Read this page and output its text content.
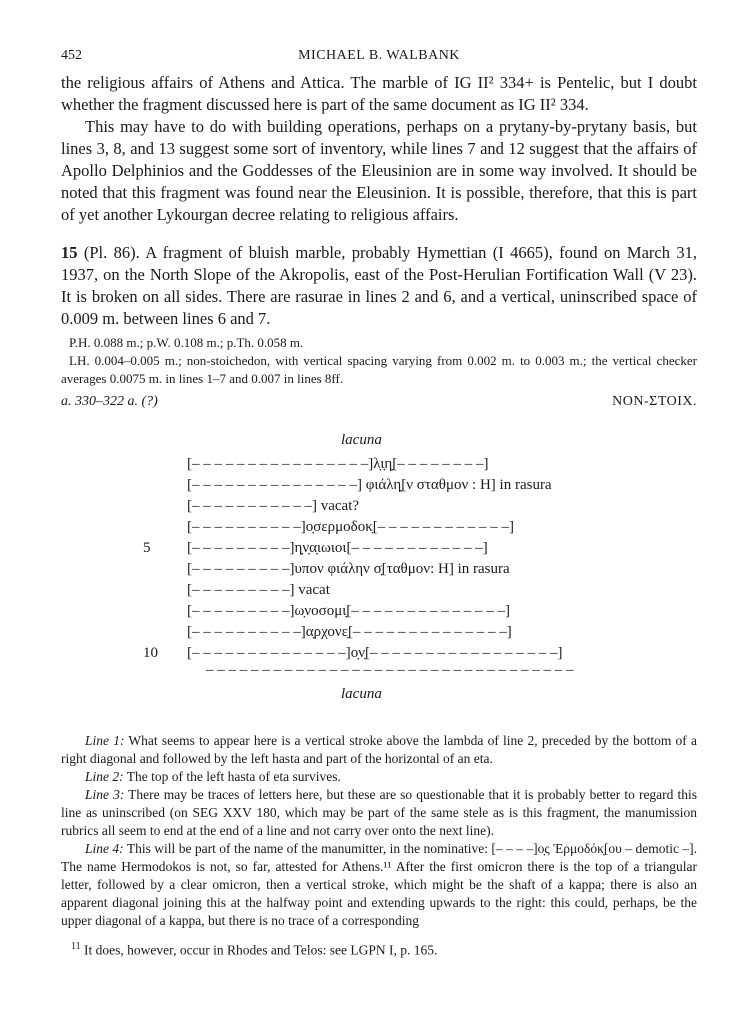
452	MICHAEL B. WALBANK

the religious affairs of Athens and Attica. The marble of IG II² 334+ is Pentelic, but I doubt whether the fragment discussed here is part of the same document as IG II² 334.

This may have to do with building operations, perhaps on a prytany-by-prytany basis, but lines 3, 8, and 13 suggest some sort of inventory, while lines 7 and 12 suggest that the affairs of Apollo Delphinios and the Goddesses of the Eleusinion are in some way involved. It should be noted that this fragment was found near the Eleusinion. It is possible, therefore, that this is part of yet another Lykourgan decree relating to religious affairs.

15 (Pl. 86). A fragment of bluish marble, probably Hymettian (I 4665), found on March 31, 1937, on the North Slope of the Akropolis, east of the Post-Herulian Fortification Wall (V 23). It is broken on all sides. There are rasurae in lines 2 and 6, and a vertical, uninscribed space of 0.009 m. between lines 6 and 7.

P.H. 0.088 m.; p.W. 0.108 m.; p.Th. 0.058 m.

LH. 0.004–0.005 m.; non-stoichedon, with vertical spacing varying from 0.002 m. to 0.003 m.; the vertical checker averages 0.0075 m. in lines 1–7 and 0.007 in lines 8ff.

a. 330–322 a. (?)	NON-ΣΤΟΙΧ.
lacuna
[– – – – – – – – – – – – – – – –]λ̣ι̣η̣[– – – – – – – –]
[– – – – – – – – – – – – – – –] φιάλη̣[ν σταθμον : Η] in rasura
[– – – – – – – – – – –] vacat?
[– – – – – – – – – –]ο̣σερμοδοκ̣[– – – – – – – – – – – –]
5 [– – – – – – – – –]η̣ν̣α̣ιωιοι[– – – – – – – – – – – –]
[– – – – – – – – –]υπον φιάλην σ̣[ταθμον: Η] in rasura
[– – – – – – – – –] vacat
[– – – – – – – – –]ω̣νοσομι̣[– – – – – – – – – – – – – –]
[– – – – – – – – – –]α̣ρχονε̣[– – – – – – – – – – – – – –]
10 [– – – – – – – – – – – – – –]ο̣ν̣[– – – – – – – – – – – – – – – – –]
– – – – – – – – – – – – – – – – – – – – – – – – – – – – – – – – –
lacuna

Line 1: What seems to appear here is a vertical stroke above the lambda of line 2, preceded by the bottom of a right diagonal and followed by the left hasta and part of the horizontal of an eta.

Line 2: The top of the left hasta of eta survives.

Line 3: There may be traces of letters here, but these are so questionable that it is probably better to regard this line as uninscribed (on SEG XXV 180, which may be part of the same stele as is this fragment, the manumission rubrics all seem to end at the end of a line and not carry over onto the next line).

Line 4: This will be part of the name of the manumitter, in the nominative: [– – – –]ο̣ς Ἑρμοδόκ̣[ου – demotic –]. The name Hermodokos is not, so far, attested for Athens.¹¹ After the first omicron there is the top of a triangular letter, followed by a clear omicron, then a vertical stroke, which might be the shaft of a kappa; there is also an apparent diagonal joining this at the halfway point and extending upwards to the right: this could, perhaps, be the upper diagonal of a kappa, but there is no trace of a corresponding

$^{11}$ It does, however, occur in Rhodes and Telos: see LGPN I, p. 165.
